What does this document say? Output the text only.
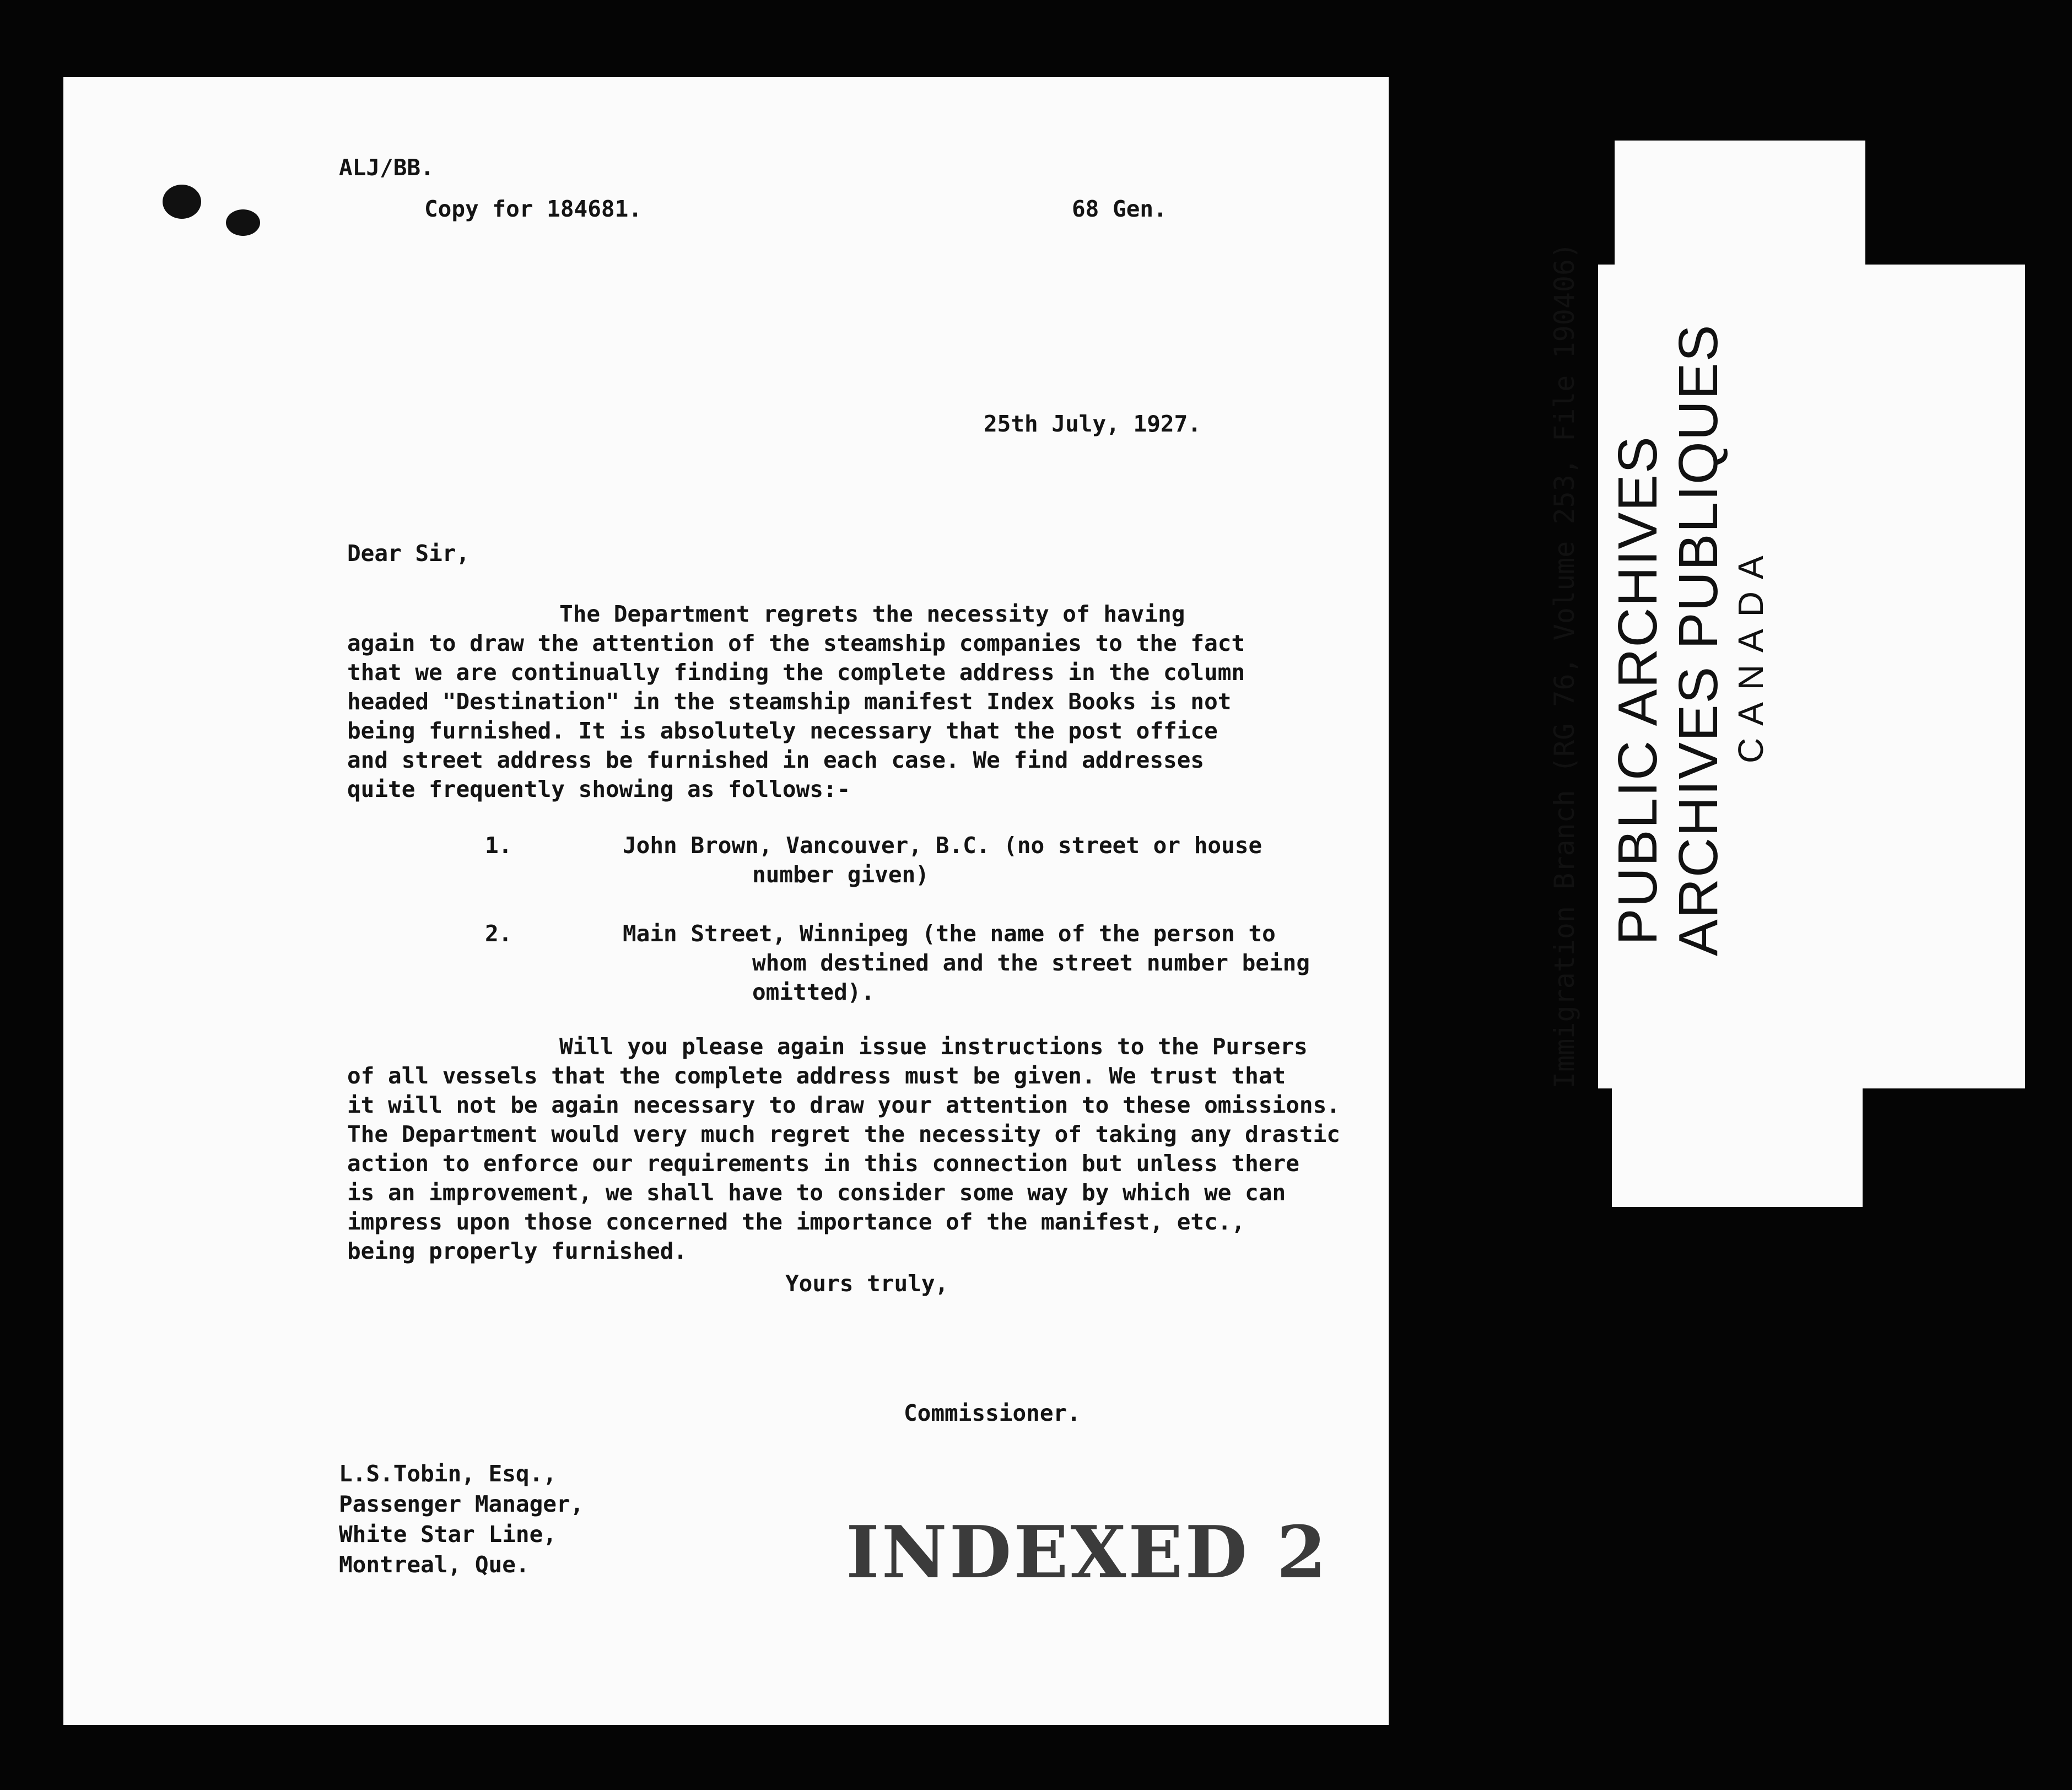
ALJ/BB.
Copy for 184681.	68 Gen.
25th July, 1927.
Dear Sir,
The Department regrets the necessity of having
again to draw the attention of the steamship companies to the fact
that we are continually finding the complete address in the column
headed "Destination" in the steamship manifest Index Books is not
being furnished. It is absolutely necessary that the post office
and street address be furnished in each case. We find addresses
quite frequently showing as follows:-
1.	John Brown, Vancouver, B.C. (no street or house
number given)
2.	Main Street, Winnipeg (the name of the person to
whom destined and the street number being
omitted).
Will you please again issue instructions to the Pursers
of all vessels that the complete address must be given. We trust that
it will not be again necessary to draw your attention to these omissions.
The Department would very much regret the necessity of taking any drastic
action to enforce our requirements in this connection but unless there
is an improvement, we shall have to consider some way by which we can
impress upon those concerned the importance of the manifest, etc.,
being properly furnished.
Yours truly,
Commissioner.
L.S.Tobin, Esq.,
Passenger Manager,
White Star Line,
Montreal, Que.	INDEXED 2
Immigration Branch (RG 76, Volume 253, File 190406) PUBLIC ARCHIVES
ARCHIVES PUBLIQUES CANADA
